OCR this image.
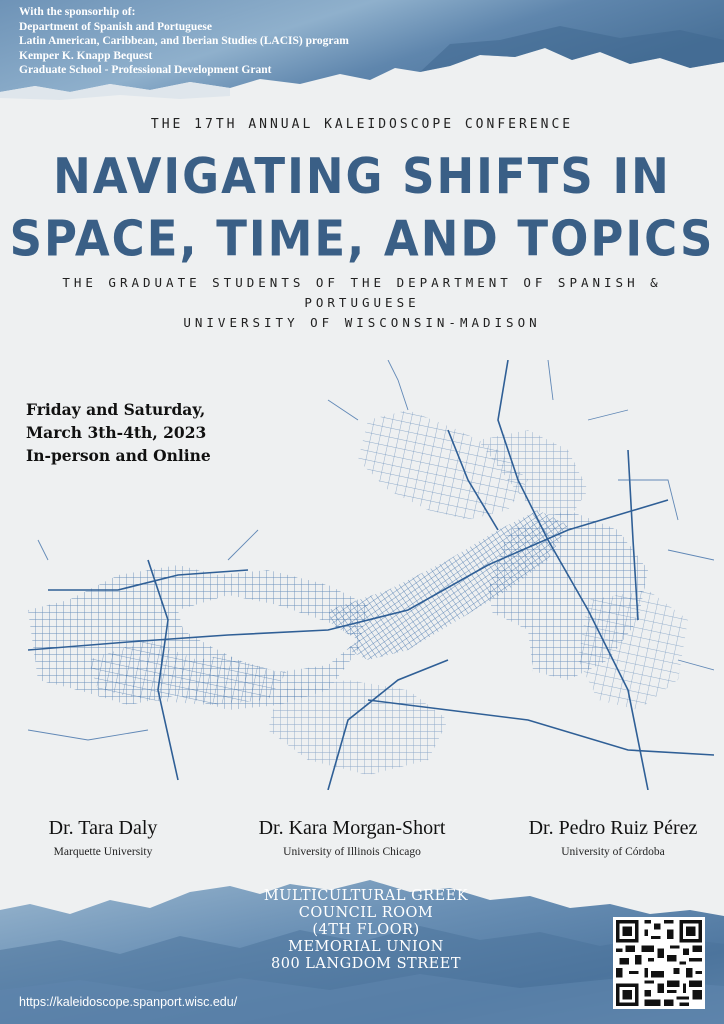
With the sponsorhip of:
Department of Spanish and Portuguese
Latin American, Caribbean, and Iberian Studies (LACIS) program
Kemper K. Knapp Bequest
Graduate School - Professional Development Grant
THE 17TH ANNUAL KALEIDOSCOPE CONFERENCE
NAVIGATING SHIFTS IN
SPACE, TIME, AND TOPICS
THE GRADUATE STUDENTS OF THE DEPARTMENT OF SPANISH &
PORTUGUESE
UNIVERSITY OF WISCONSIN-MADISON
Friday and Saturday,
March 3th-4th, 2023
In-person and Online
Dr. Tara Daly
Marquette University
Dr. Kara Morgan-Short
University of Illinois Chicago
Dr. Pedro Ruiz Pérez
University of Córdoba
MULTICULTURAL GREEK
COUNCIL ROOM
(4TH FLOOR)
MEMORIAL UNION
800 LANGDOM STREET
https://kaleidoscope.spanport.wisc.edu/
